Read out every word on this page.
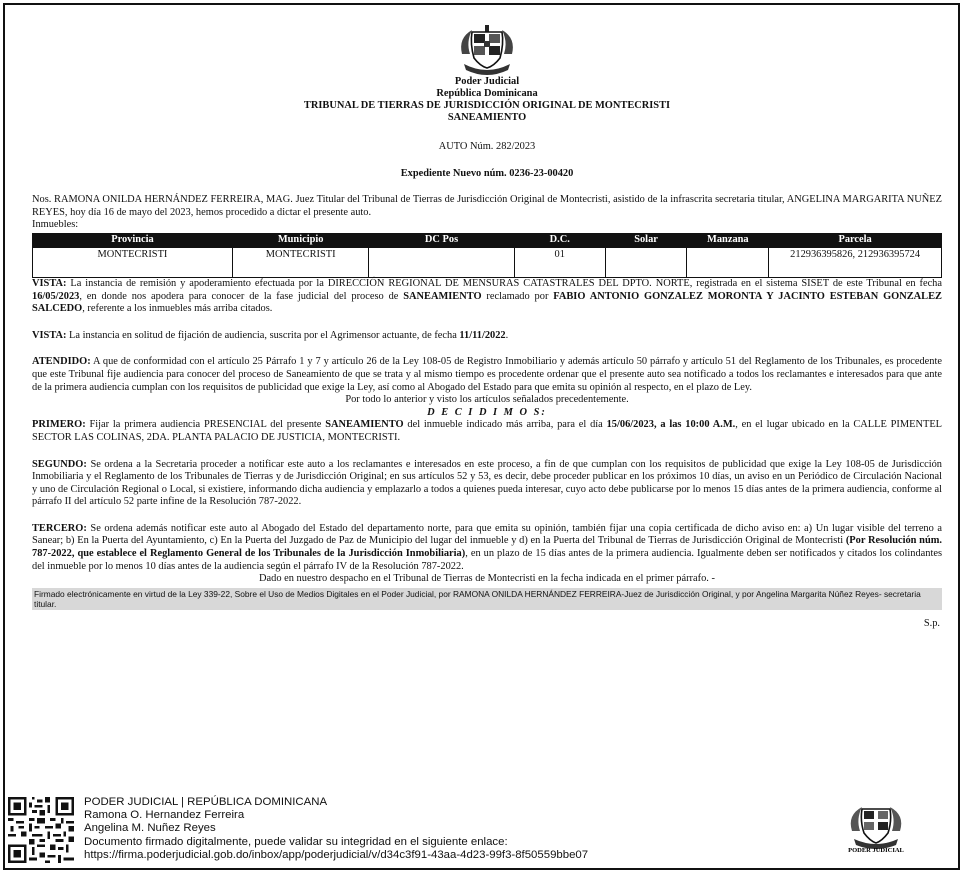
Poder Judicial
República Dominicana
TRIBUNAL DE TIERRAS DE JURISDICCIÓN ORIGINAL DE MONTECRISTI
SANEAMIENTO
AUTO Núm. 282/2023
Expediente Nuevo núm. 0236-23-00420

Nos. RAMONA ONILDA HERNÁNDEZ FERREIRA, MAG. Juez Titular del Tribunal de Tierras de Jurisdicción Original de Montecristi, asistido de la infrascrita secretaria titular, ANGELINA MARGARITA NUÑEZ REYES, hoy día 16 de mayo del 2023, hemos procedido a dictar el presente auto.

Inmuebles:

Provincia	Municipio	DC Pos	D.C.	Solar	Manzana	Parcela
MONTECRISTI	MONTECRISTI		01			212936395826, 212936395724

VISTA: La instancia de remisión y apoderamiento efectuada por la DIRECCIÓN REGIONAL DE MENSURAS CATASTRALES DEL DPTO. NORTE, registrada en el sistema SISET de este Tribunal en fecha 16/05/2023, en donde nos apodera para conocer de la fase judicial del proceso de SANEAMIENTO reclamado por FABIO ANTONIO GONZALEZ MORONTA Y JACINTO ESTEBAN GONZALEZ SALCEDO, referente a los inmuebles más arriba citados.

VISTA: La instancia en solitud de fijación de audiencia, suscrita por el Agrimensor actuante, de fecha 11/11/2022.

ATENDIDO: A que de conformidad con el artículo 25 Párrafo 1 y 7 y artículo 26 de la Ley 108-05 de Registro Inmobiliario y además artículo 50 párrafo y artículo 51 del Reglamento de los Tribunales, es procedente que este Tribunal fije audiencia para conocer del proceso de Saneamiento de que se trata y al mismo tiempo es procedente ordenar que el presente auto sea notificado a todos los reclamantes e interesados para que ante de la primera audiencia cumplan con los requisitos de publicidad que exige la Ley, así como al Abogado del Estado para que emita su opinión al respecto, en el plazo de Ley.

Por todo lo anterior y visto los artículos señalados precedentemente.
D E C I D I M O S:

PRIMERO: Fijar la primera audiencia PRESENCIAL del presente SANEAMIENTO del inmueble indicado más arriba, para el día 15/06/2023, a las 10:00 A.M., en el lugar ubicado en la CALLE PIMENTEL SECTOR LAS COLINAS, 2DA. PLANTA PALACIO DE JUSTICIA, MONTECRISTI.

SEGUNDO: Se ordena a la Secretaria proceder a notificar este auto a los reclamantes e interesados en este proceso, a fin de que cumplan con los requisitos de publicidad que exige la Ley 108-05 de Jurisdicción Inmobiliaria y el Reglamento de los Tribunales de Tierras y de Jurisdicción Original; en sus artículos 52 y 53, es decir, debe proceder publicar en los próximos 10 días, un aviso en un Periódico de Circulación Nacional y uno de Circulación Regional o Local, si existiere, informando dicha audiencia y emplazarlo a todos a quienes pueda interesar, cuyo acto debe publicarse por lo menos 15 días antes de la primera audiencia, conforme al párrafo II del artículo 52 parte infine de la Resolución 787-2022.

TERCERO: Se ordena además notificar este auto al Abogado del Estado del departamento norte, para que emita su opinión, también fijar una copia certificada de dicho aviso en: a) Un lugar visible del terreno a Sanear; b) En la Puerta del Ayuntamiento, c) En la Puerta del Juzgado de Paz de Municipio del lugar del inmueble y d) en la Puerta del Tribunal de Tierras de Jurisdicción Original de Montecristi (Por Resolución núm. 787-2022, que establece el Reglamento General de los Tribunales de la Jurisdicción Inmobiliaria), en un plazo de 15 días antes de la primera audiencia. Igualmente deben ser notificados y citados los colindantes del inmueble por lo menos 10 días antes de la audiencia según el párrafo IV de la Resolución 787-2022.

Dado en nuestro despacho en el Tribunal de Tierras de Montecristi en la fecha indicada en el primer párrafo. -
Firmado electrónicamente en virtud de la Ley 339-22, Sobre el Uso de Medios Digitales en el Poder Judicial, por RAMONA ONILDA HERNÁNDEZ FERREIRA-Juez de Jurisdicción Original, y por Angelina Margarita Núñez Reyes- secretaria titular.
S.p.
PODER JUDICIAL | REPÚBLICA DOMINICANA
Ramona O. Hernandez Ferreira
Angelina M. Nuñez Reyes
Documento firmado digitalmente, puede validar su integridad en el siguiente enlace:
https://firma.poderjudicial.gob.do/inbox/app/poderjudicial/v/d34c3f91-43aa-4d23-99f3-8f50559bbe07	PODER JUDICIAL
